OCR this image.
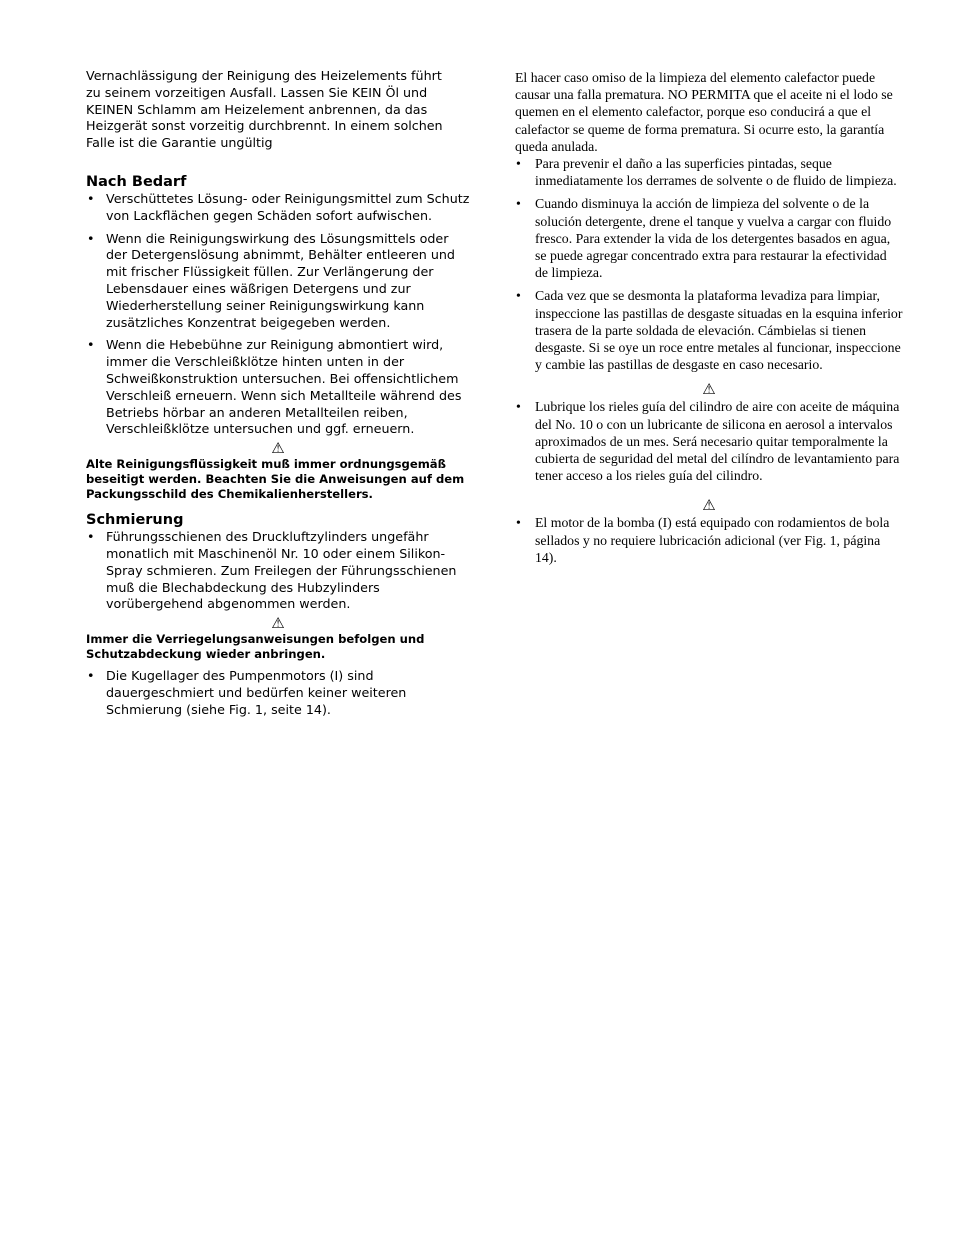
Vernachlässigung der Reinigung des Heizelements führt zu seinem vorzeitigen Ausfall. Lassen Sie KEIN Öl und KEINEN Schlamm am Heizelement anbrennen, da das Heizgerät sonst vorzeitig durchbrennt. In einem solchen Falle ist die Garantie ungültig

Nach Bedarf
• Verschüttetes Lösung- oder Reinigungsmittel zum Schutz von Lackflächen gegen Schäden sofort aufwischen.
• Wenn die Reinigungswirkung des Lösungsmittels oder der Detergenslösung abnimmt, Behälter entleeren und mit frischer Flüssigkeit füllen. Zur Verlängerung der Lebensdauer eines wäßrigen Detergens und zur Wiederherstellung seiner Reinigungswirkung kann zusätzliches Konzentrat beigegeben werden.
• Wenn die Hebebühne zur Reinigung abmontiert wird, immer die Verschleißklötze hinten unten in der Schweißkonstruktion untersuchen. Bei offensichtlichem Verschleiß erneuern. Wenn sich Metallteile während des Betriebs hörbar an anderen Metallteilen reiben, Verschleißklötze untersuchen und ggf. erneuern.
⚠

Alte Reinigungsflüssigkeit muß immer ordnungsgemäß beseitigt werden. Beachten Sie die Anweisungen auf dem Packungsschild des Chemikalienherstellers.

Schmierung
• Führungsschienen des Druckluftzylinders ungefähr monatlich mit Maschinenöl Nr. 10 oder einem Silikon-Spray schmieren. Zum Freilegen der Führungsschienen muß die Blechabdeckung des Hubzylinders vorübergehend abgenommen werden.
⚠

Immer die Verriegelungsanweisungen befolgen und Schutzabdeckung wieder anbringen.

• Die Kugellager des Pumpenmotors (I) sind dauergeschmiert und bedürfen keiner weiteren Schmierung (siehe Fig. 1, seite 14).

El hacer caso omiso de la limpieza del elemento calefactor puede causar una falla prematura. NO PERMITA que el aceite ni el lodo se quemen en el elemento calefactor, porque eso conducirá a que el calefactor se queme de forma prematura. Si ocurre esto, la garantía queda anulada.

• Para prevenir el daño a las superficies pintadas, seque inmediatamente los derrames de solvente o de fluido de limpieza.
• Cuando disminuya la acción de limpieza del solvente o de la solución detergente, drene el tanque y vuelva a cargar con fluido fresco. Para extender la vida de los detergentes basados en agua, se puede agregar concentrado extra para restaurar la efectividad de limpieza.
• Cada vez que se desmonta la plataforma levadiza para limpiar, inspeccione las pastillas de desgaste situadas en la esquina inferior trasera de la parte soldada de elevación. Cámbielas si tienen desgaste. Si se oye un roce entre metales al funcionar, inspeccione y cambie las pastillas de desgaste en caso necesario.
⚠
• Lubrique los rieles guía del cilindro de aire con aceite de máquina del No. 10 o con un lubricante de silicona en aerosol a intervalos aproximados de un mes. Será necesario quitar temporalmente la cubierta de seguridad del metal del cilíndro de levantamiento para tener acceso a los rieles guía del cilindro.
⚠
• El motor de la bomba (I) está equipado con rodamientos de bola sellados y no requiere lubricación adicional (ver Fig. 1, página 14).
